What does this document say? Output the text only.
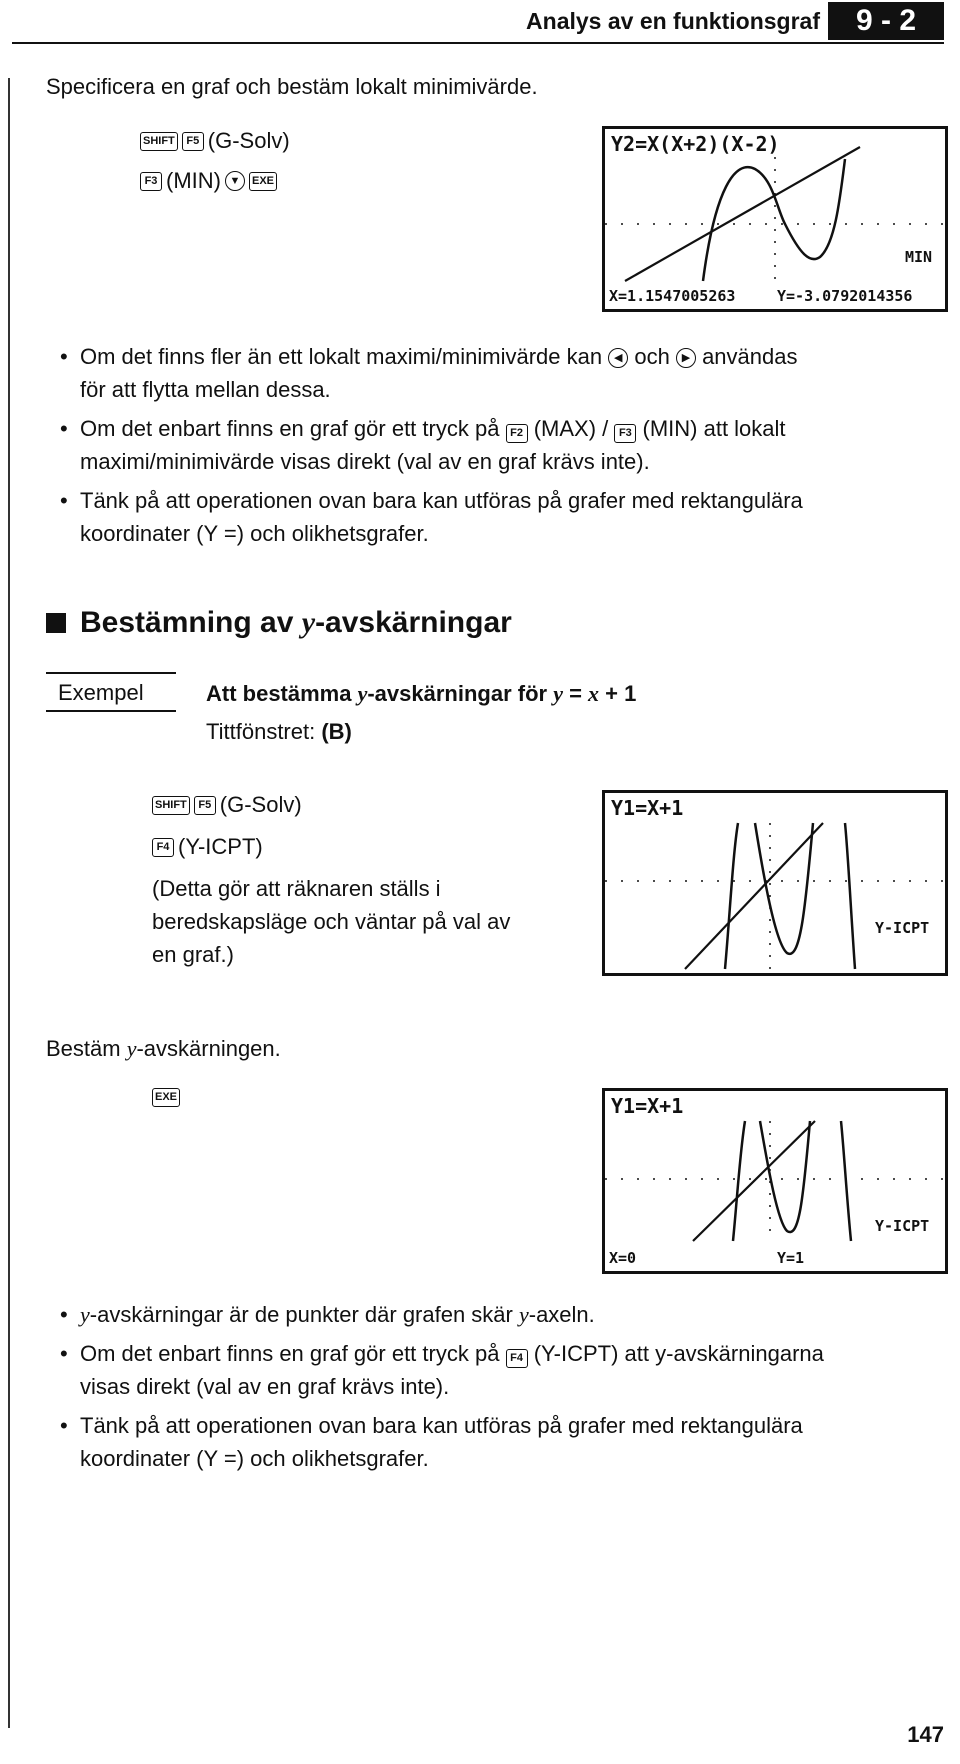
Analys av en funktionsgraf	9 - 2
Specificera en graf och bestäm lokalt minimivärde.
SHIFT	F5 (G-Solv)
F3 (MIN) ▼	EXE
Y2=X(X+2)(X-2)
MIN
X=1.1547005263	Y=-3.0792014356
• Om det finns fler än ett lokalt maximi/minimivärde kan ◀ och ▶ användas
för att flytta mellan dessa.
• Om det enbart finns en graf gör ett tryck på F2 (MAX) / F3 (MIN) att lokalt
maximi/minimivärde visas direkt (val av en graf krävs inte).
• Tänk på att operationen ovan bara kan utföras på grafer med rektangulära
koordinater (Y =) och olikhetsgrafer.
Bestämning av y-avskärningar
Exempel	Att bestämma y-avskärningar för y = x + 1
Tittfönstret: (B)
SHIFT	F5 (G-Solv)
F4 (Y-ICPT)
(Detta gör att räknaren ställs i
beredskapsläge och väntar på val av
en graf.)
Y1=X+1
Y-ICPT
Bestäm y-avskärningen.
EXE	Y1=X+1
Y-ICPT
X=0	Y=1
• y-avskärningar är de punkter där grafen skär y-axeln.
• Om det enbart finns en graf gör ett tryck på F4 (Y-ICPT) att y-avskärningarna
visas direkt (val av en graf krävs inte).
• Tänk på att operationen ovan bara kan utföras på grafer med rektangulära
koordinater (Y =) och olikhetsgrafer.
147
